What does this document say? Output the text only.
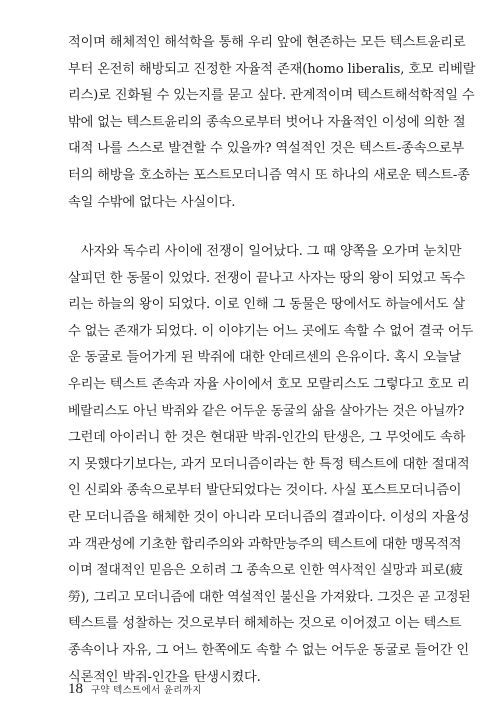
적이며 해체적인 해석학을 통해 우리 앞에 현존하는 모든 텍스트윤리로
부터 온전히 해방되고 진정한 자율적 존재(homo liberalis, 호모 리베랄
리스)로 진화될 수 있는지를 묻고 싶다. 관계적이며 텍스트해석학적일 수
밖에 없는 텍스트윤리의 종속으로부터 벗어나 자율적인 이성에 의한 절
대적 나를 스스로 발견할 수 있을까? 역설적인 것은 텍스트-종속으로부
터의 해방을 호소하는 포스트모더니즘 역시 또 하나의 새로운 텍스트-종
속일 수밖에 없다는 사실이다.
사자와 독수리 사이에 전쟁이 일어났다. 그 때 양쪽을 오가며 눈치만
살피던 한 동물이 있었다. 전쟁이 끝나고 사자는 땅의 왕이 되었고 독수
리는 하늘의 왕이 되었다. 이로 인해 그 동물은 땅에서도 하늘에서도 살
수 없는 존재가 되었다. 이 이야기는 어느 곳에도 속할 수 없어 결국 어두
운 동굴로 들어가게 된 박쥐에 대한 안데르센의 은유이다. 혹시 오늘날
우리는 텍스트 존속과 자율 사이에서 호모 모랄리스도 그렇다고 호모 리
베랄리스도 아닌 박쥐와 같은 어두운 동굴의 삶을 살아가는 것은 아닐까?
그런데 아이러니 한 것은 현대판 박쥐-인간의 탄생은, 그 무엇에도 속하
지 못했다기보다는, 과거 모더니즘이라는 한 특정 텍스트에 대한 절대적
인 신뢰와 종속으로부터 발단되었다는 것이다. 사실 포스트모더니즘이
란 모더니즘을 해체한 것이 아니라 모더니즘의 결과이다. 이성의 자율성
과 객관성에 기초한 합리주의와 과학만능주의 텍스트에 대한 맹목적적
이며 절대적인 믿음은 오히려 그 종속으로 인한 역사적인 실망과 피로(疲
勞), 그리고 모더니즘에 대한 역설적인 불신을 가져왔다. 그것은 곧 고정된
텍스트를 성찰하는 것으로부터 해체하는 것으로 이어졌고 이는 텍스트
종속이나 자유, 그 어느 한쪽에도 속할 수 없는 어두운 동굴로 들어간 인
식론적인 박쥐-인간을 탄생시켰다.
18 구약 텍스트에서 윤리까지
